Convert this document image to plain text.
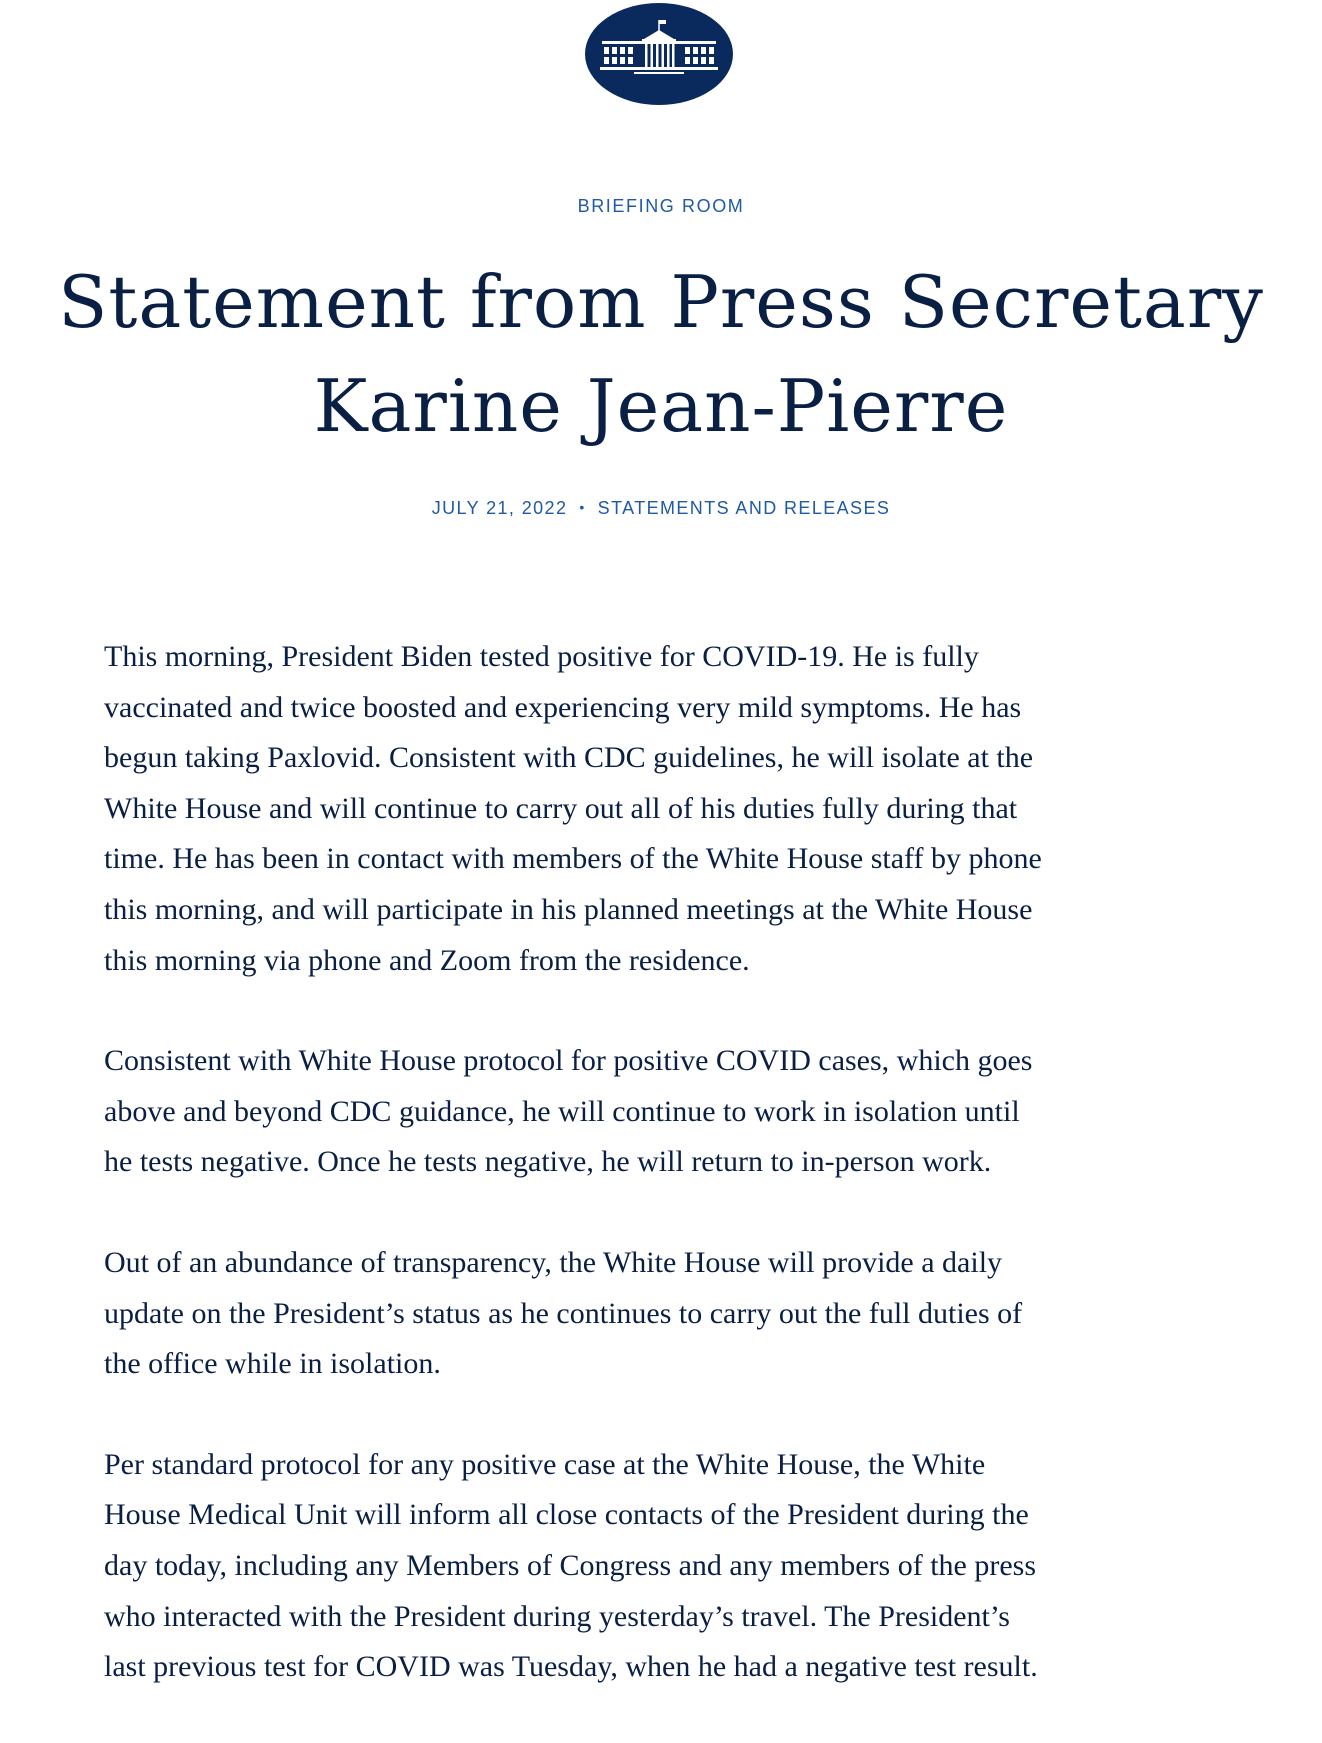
BRIEFING ROOM
Statement from Press Secretary
Karine Jean-Pierre
JULY 21, 2022 • STATEMENTS AND RELEASES

This morning, President Biden tested positive for COVID-19. He is fully
vaccinated and twice boosted and experiencing very mild symptoms. He has
begun taking Paxlovid. Consistent with CDC guidelines, he will isolate at the
White House and will continue to carry out all of his duties fully during that
time. He has been in contact with members of the White House staff by phone
this morning, and will participate in his planned meetings at the White House
this morning via phone and Zoom from the residence.

Consistent with White House protocol for positive COVID cases, which goes
above and beyond CDC guidance, he will continue to work in isolation until
he tests negative. Once he tests negative, he will return to in-person work.

Out of an abundance of transparency, the White House will provide a daily
update on the President’s status as he continues to carry out the full duties of
the office while in isolation.

Per standard protocol for any positive case at the White House, the White
House Medical Unit will inform all close contacts of the President during the
day today, including any Members of Congress and any members of the press
who interacted with the President during yesterday’s travel. The President’s
last previous test for COVID was Tuesday, when he had a negative test result.
